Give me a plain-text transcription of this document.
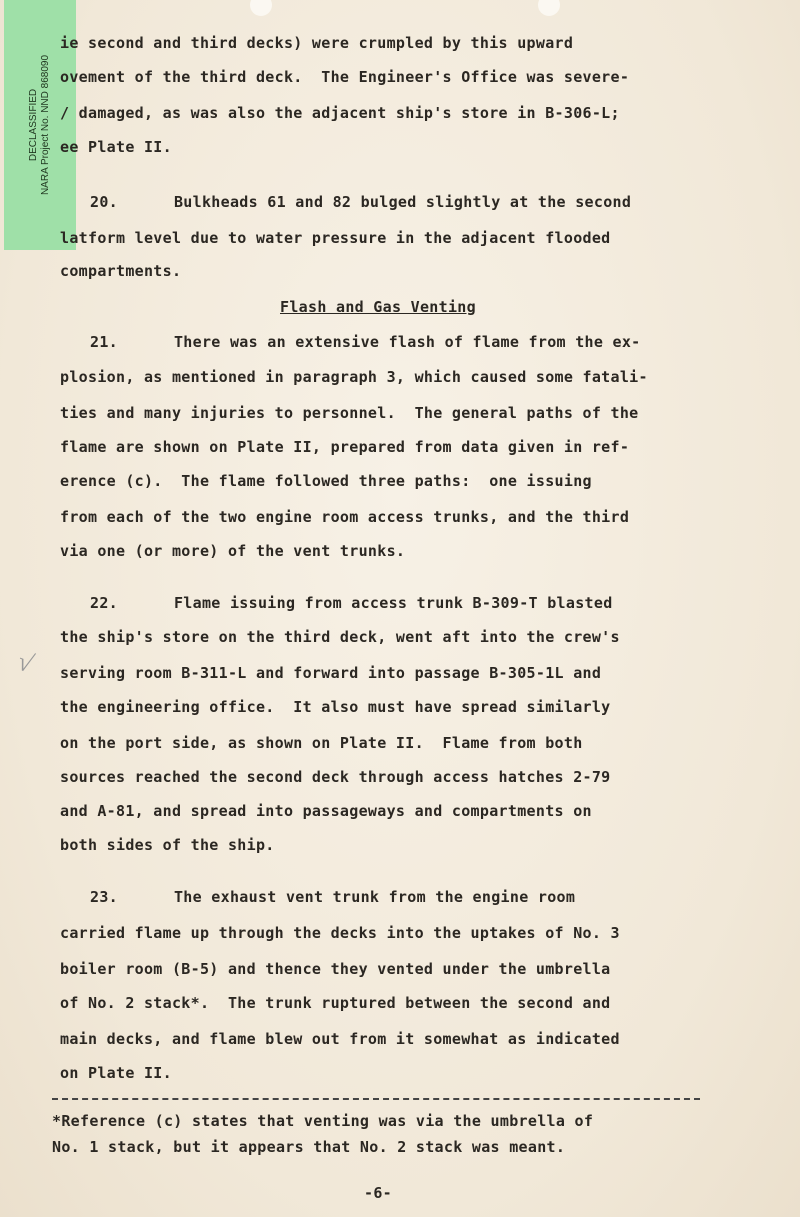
DECLASSIFIED NARA Project No. NND 868090
ie second and third decks) were crumpled by this upward
ovement of the third deck.  The Engineer's Office was severe-
/ damaged, as was also the adjacent ship's store in B-306-L;
ee Plate II.
20.      Bulkheads 61 and 82 bulged slightly at the second
latform level due to water pressure in the adjacent flooded
compartments.
Flash and Gas Venting
21.      There was an extensive flash of flame from the ex-
plosion, as mentioned in paragraph 3, which caused some fatali-
ties and many injuries to personnel.  The general paths of the
flame are shown on Plate II, prepared from data given in ref-
erence (c).  The flame followed three paths:  one issuing
from each of the two engine room access trunks, and the third
via one (or more) of the vent trunks.
22.      Flame issuing from access trunk B-309-T blasted
the ship's store on the third deck, went aft into the crew's
serving room B-311-L and forward into passage B-305-1L and
the engineering office.  It also must have spread similarly
on the port side, as shown on Plate II.  Flame from both
sources reached the second deck through access hatches 2-79
and A-81, and spread into passageways and compartments on
both sides of the ship.
23.      The exhaust vent trunk from the engine room
carried flame up through the decks into the uptakes of No. 3
boiler room (B-5) and thence they vented under the umbrella
of No. 2 stack*.  The trunk ruptured between the second and
main decks, and flame blew out from it somewhat as indicated
on Plate II.
*Reference (c) states that venting was via the umbrella of
No. 1 stack, but it appears that No. 2 stack was meant.
-6-
√
